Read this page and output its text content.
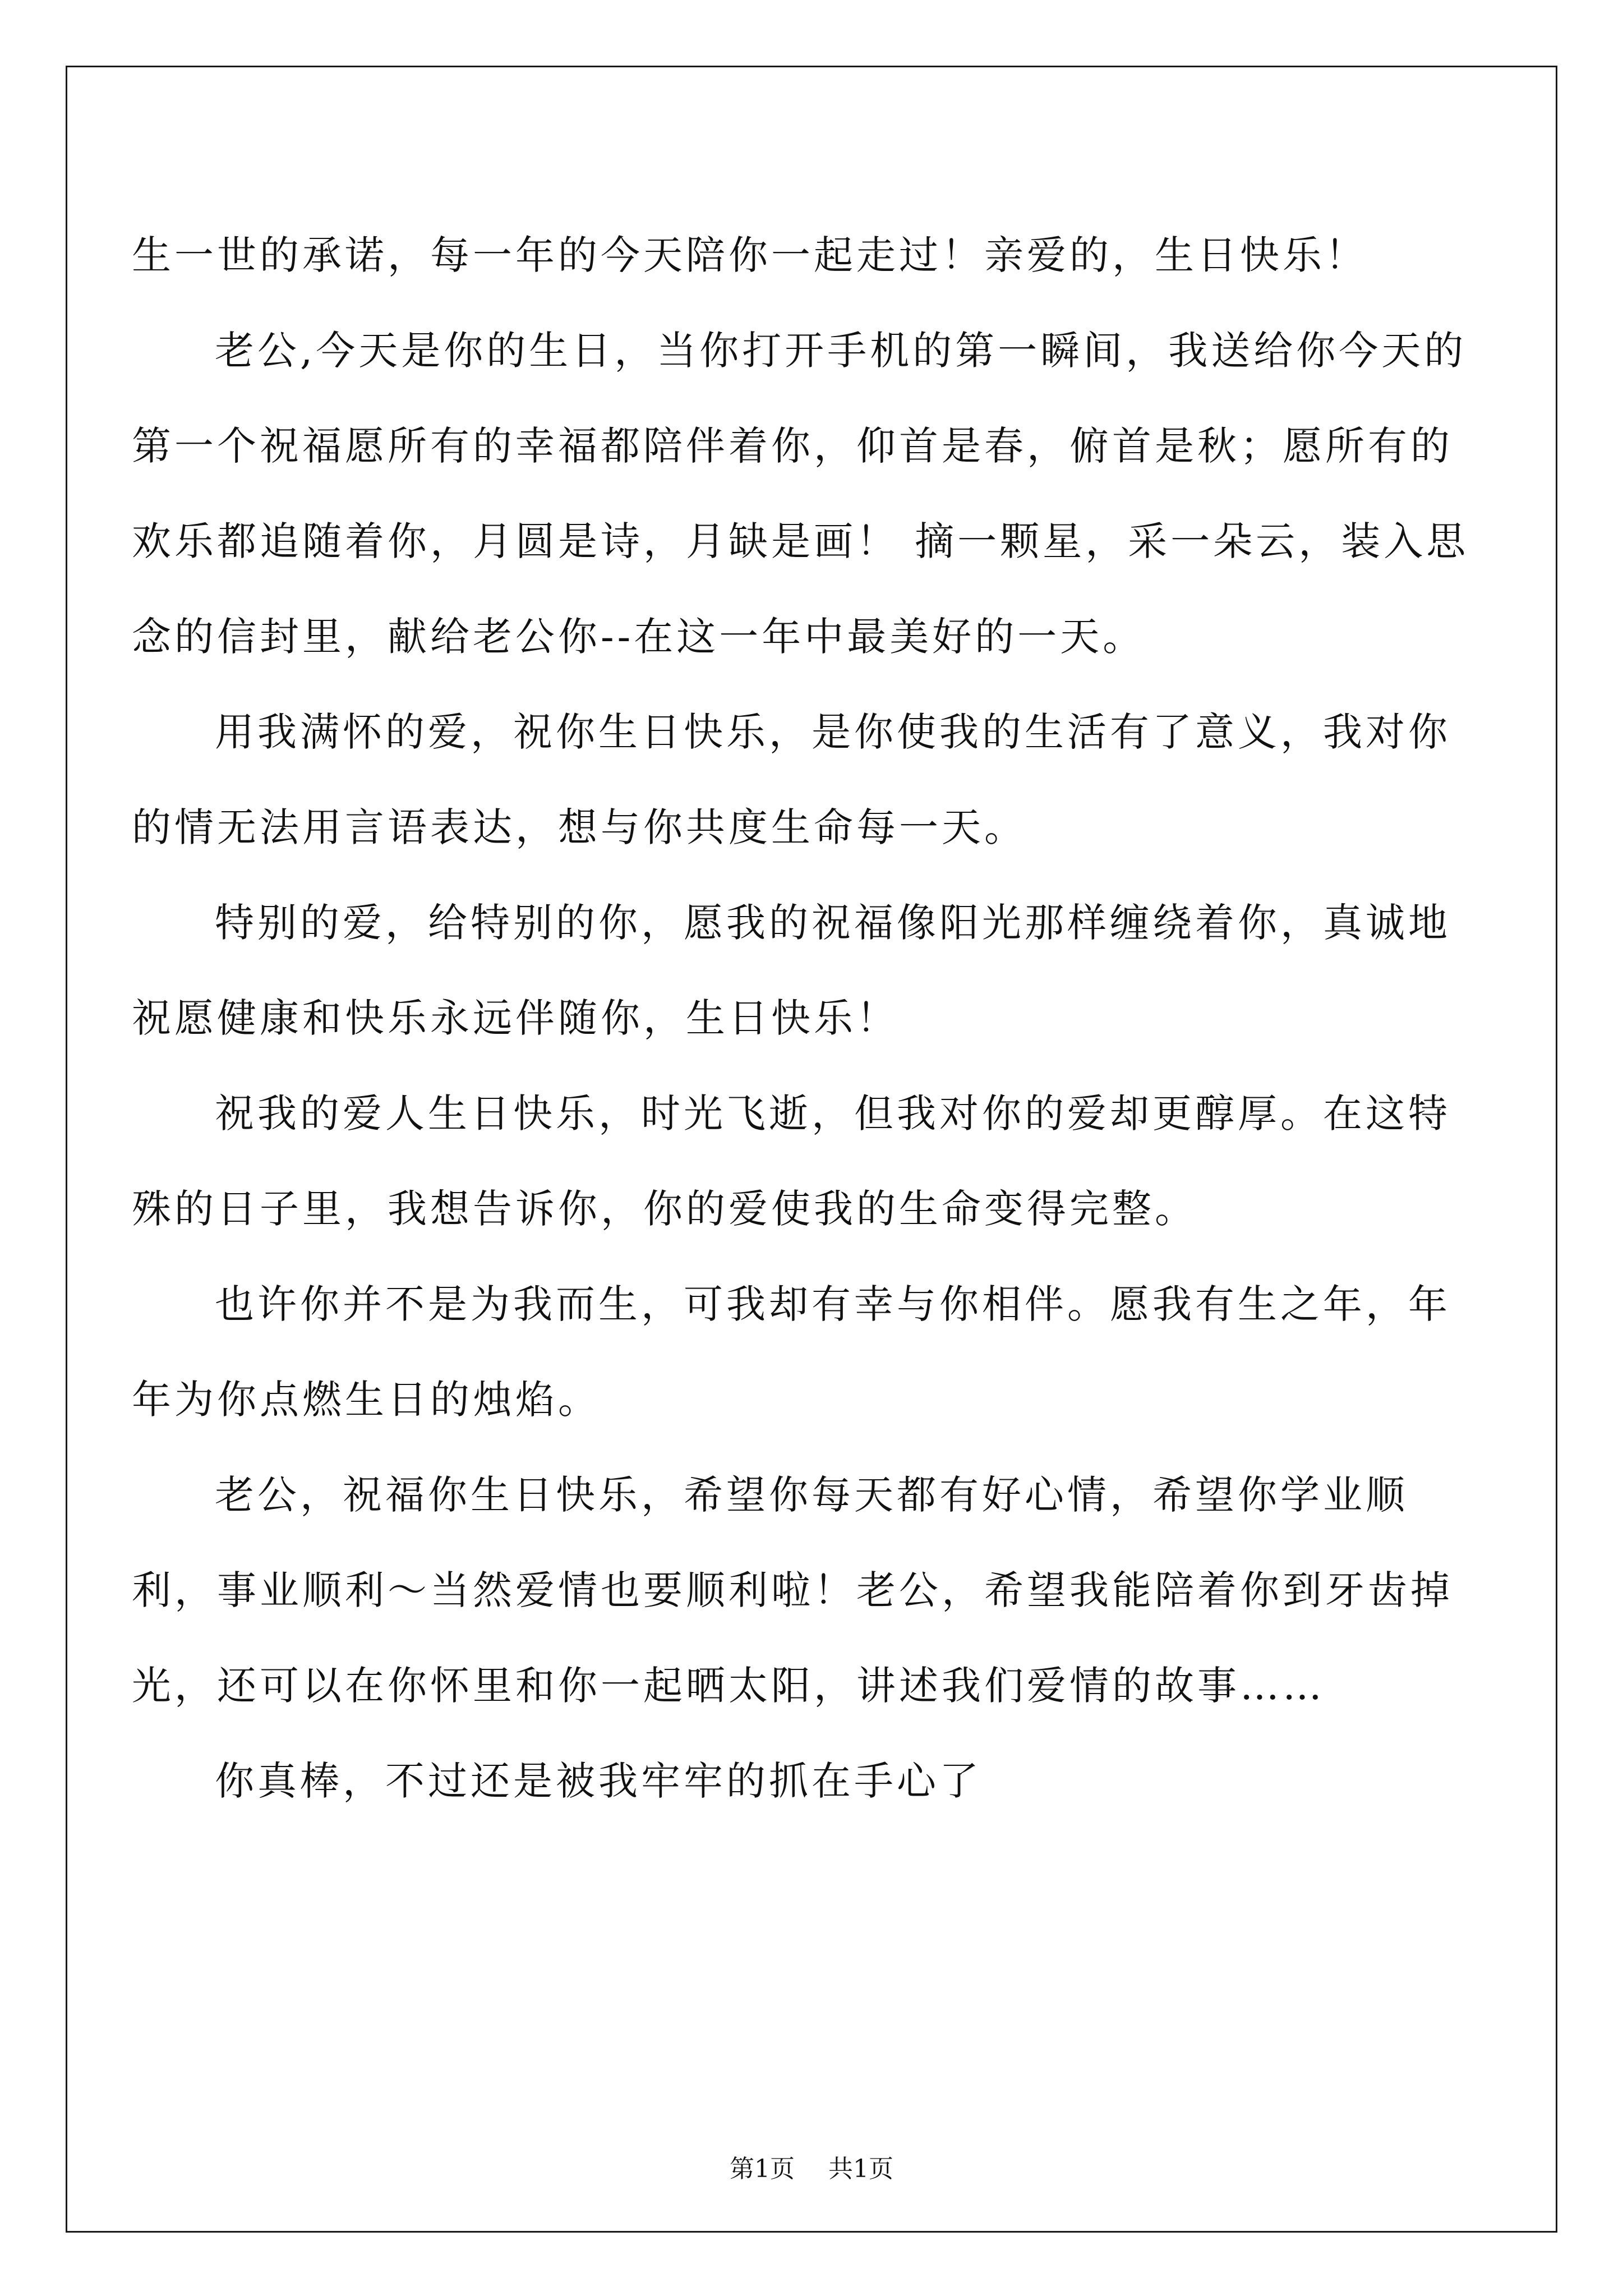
生一世的承诺，每一年的今天陪你一起走过！亲爱的，生日快乐！

老公,今天是你的生日，当你打开手机的第一瞬间，我送给你今天的第一个祝福愿所有的幸福都陪伴着你，仰首是春，俯首是秋；愿所有的欢乐都追随着你，月圆是诗，月缺是画！ 摘一颗星，采一朵云，装入思念的信封里，献给老公你--在这一年中最美好的一天。

用我满怀的爱，祝你生日快乐，是你使我的生活有了意义，我对你的情无法用言语表达，想与你共度生命每一天。

特别的爱，给特别的你，愿我的祝福像阳光那样缠绕着你，真诚地祝愿健康和快乐永远伴随你，生日快乐！

祝我的爱人生日快乐，时光飞逝，但我对你的爱却更醇厚。在这特殊的日子里，我想告诉你，你的爱使我的生命变得完整。

也许你并不是为我而生，可我却有幸与你相伴。愿我有生之年，年年为你点燃生日的烛焰。

老公，祝福你生日快乐，希望你每天都有好心情，希望你学业顺利，事业顺利～当然爱情也要顺利啦！老公，希望我能陪着你到牙齿掉光，还可以在你怀里和你一起晒太阳，讲述我们爱情的故事……

你真棒，不过还是被我牢牢的抓在手心了

第1页 共1页
